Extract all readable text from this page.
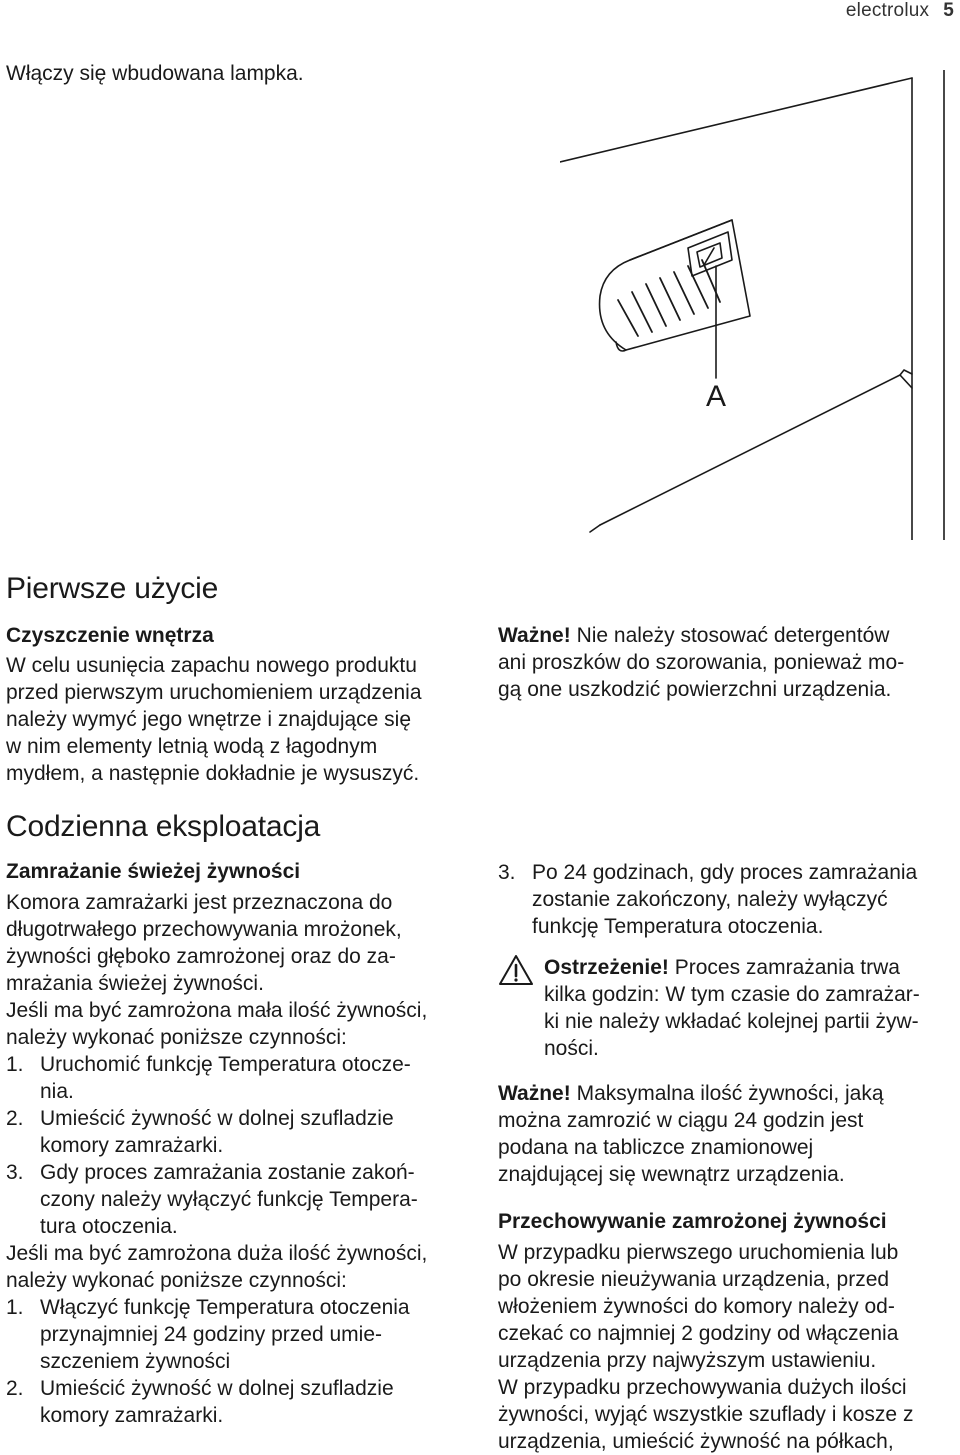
electrolux 5
Włączy się wbudowana lampka.
A
Pierwsze użycie
Czyszczenie wnętrza
W celu usunięcia zapachu nowego produktu
przed pierwszym uruchomieniem urządzenia
należy wymyć jego wnętrze i znajdujące się
w nim elementy letnią wodą z łagodnym
mydłem, a następnie dokładnie je wysuszyć.
Ważne! Nie należy stosować detergentów
ani proszków do szorowania, ponieważ mo-
gą one uszkodzić powierzchni urządzenia.
Codzienna eksploatacja
Zamrażanie świeżej żywności
Komora zamrażarki jest przeznaczona do
długotrwałego przechowywania mrożonek,
żywności głęboko zamrożonej oraz do za-
mrażania świeżej żywności.
Jeśli ma być zamrożona mała ilość żywności,
należy wykonać poniższe czynności:
1. Uruchomić funkcję Temperatura otocze-
nia.
2. Umieścić żywność w dolnej szufladzie
komory zamrażarki.
3. Gdy proces zamrażania zostanie zakoń-
czony należy wyłączyć funkcję Tempera-
tura otoczenia.
Jeśli ma być zamrożona duża ilość żywności,
należy wykonać poniższe czynności:
1. Włączyć funkcję Temperatura otoczenia
przynajmniej 24 godziny przed umie-
szczeniem żywności
2. Umieścić żywność w dolnej szufladzie
komory zamrażarki.
3. Po 24 godzinach, gdy proces zamrażania
zostanie zakończony, należy wyłączyć
funkcję Temperatura otoczenia.
Ostrzeżenie! Proces zamrażania trwa
kilka godzin: W tym czasie do zamrażar-
ki nie należy wkładać kolejnej partii żyw-
ności.
Ważne! Maksymalna ilość żywności, jaką
można zamrozić w ciągu 24 godzin jest
podana na tabliczce znamionowej
znajdującej się wewnątrz urządzenia.
Przechowywanie zamrożonej żywności
W przypadku pierwszego uruchomienia lub
po okresie nieużywania urządzenia, przed
włożeniem żywności do komory należy od-
czekać co najmniej 2 godziny od włączenia
urządzenia przy najwyższym ustawieniu.
W przypadku przechowywania dużych ilości
żywności, wyjąć wszystkie szuflady i kosze z
urządzenia, umieścić żywność na półkach,
